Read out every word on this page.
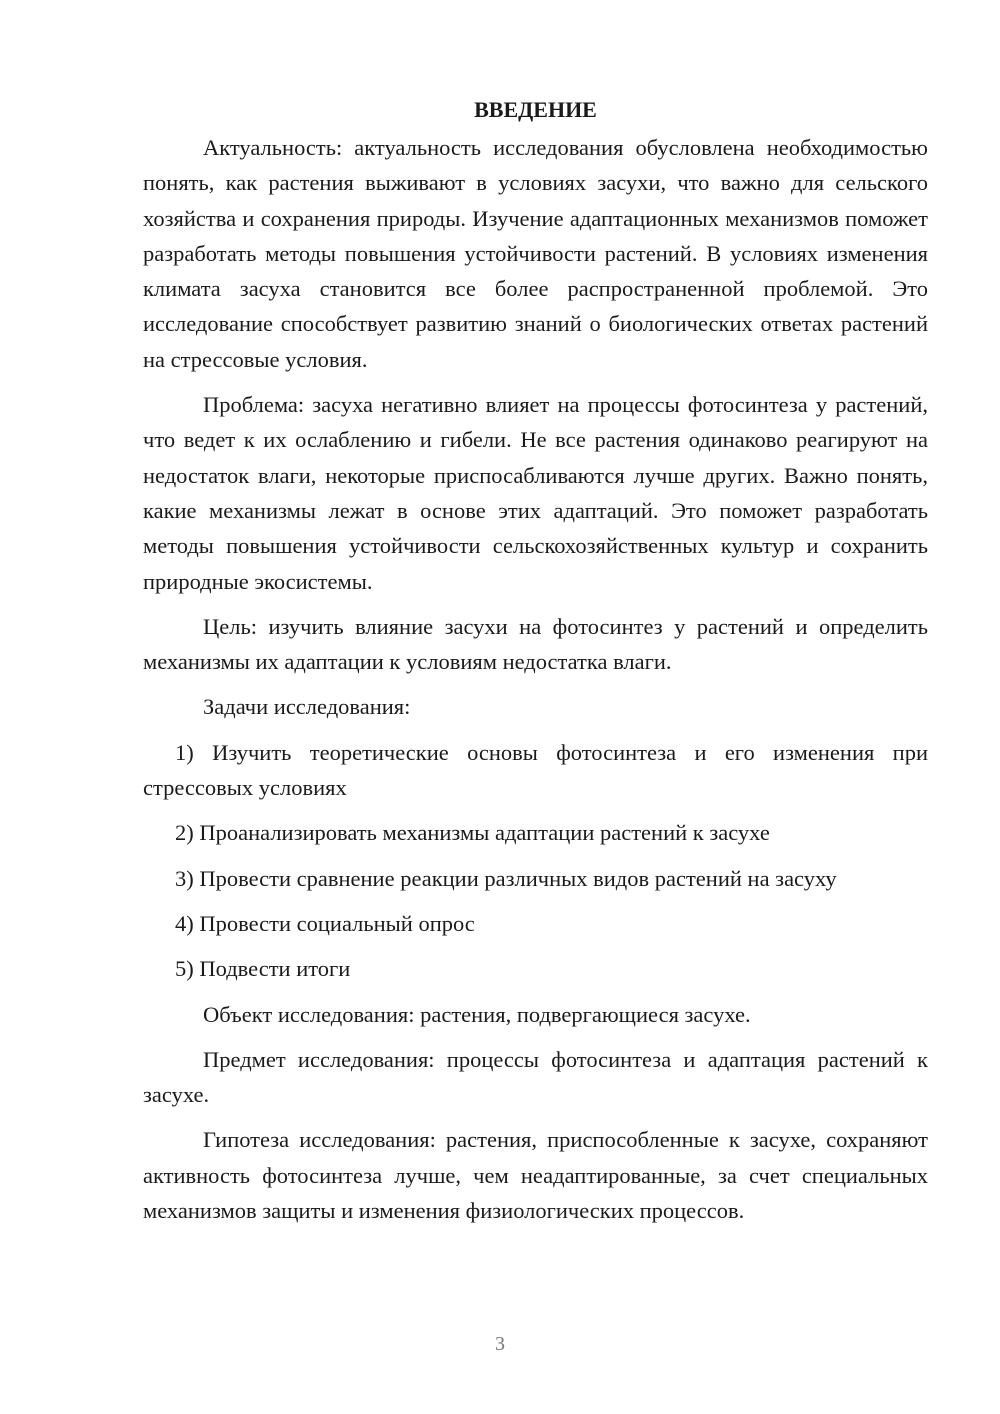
ВВЕДЕНИЕ

Актуальность: актуальность исследования обусловлена необходимостью понять, как растения выживают в условиях засухи, что важно для сельского хозяйства и сохранения природы. Изучение адаптационных механизмов поможет разработать методы повышения устойчивости растений. В условиях изменения климата засуха становится все более распространенной проблемой. Это исследование способствует развитию знаний о биологических ответах растений на стрессовые условия.

Проблема: засуха негативно влияет на процессы фотосинтеза у растений, что ведет к их ослаблению и гибели. Не все растения одинаково реагируют на недостаток влаги, некоторые приспосабливаются лучше других. Важно понять, какие механизмы лежат в основе этих адаптаций. Это поможет разработать методы повышения устойчивости сельскохозяйственных культур и сохранить природные экосистемы.

Цель: изучить влияние засухи на фотосинтез у растений и определить механизмы их адаптации к условиям недостатка влаги.

Задачи исследования:

1) Изучить теоретические основы фотосинтеза и его изменения при стрессовых условиях

2) Проанализировать механизмы адаптации растений к засухе

3) Провести сравнение реакции различных видов растений на засуху

4) Провести социальный опрос

5) Подвести итоги

Объект исследования: растения, подвергающиеся засухе.

Предмет исследования: процессы фотосинтеза и адаптация растений к засухе.

Гипотеза исследования: растения, приспособленные к засухе, сохраняют активность фотосинтеза лучше, чем неадаптированные, за счет специальных механизмов защиты и изменения физиологических процессов.

3
